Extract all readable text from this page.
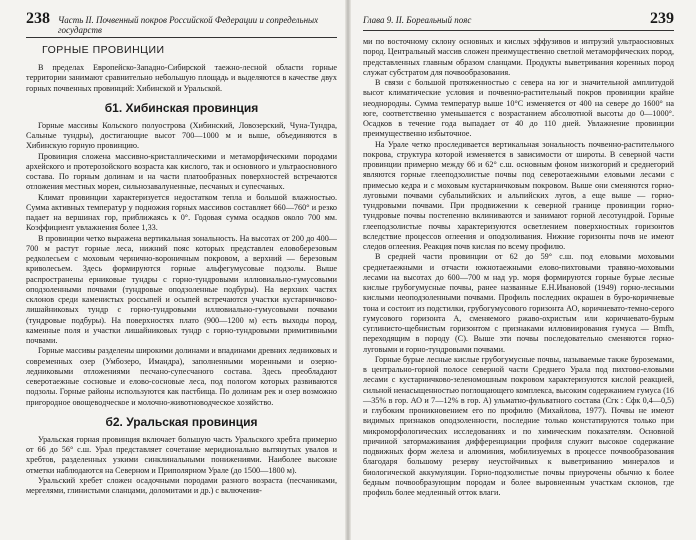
238 Часть II. Почвенный покров Российской Федерации и сопредельных государств
ГОРНЫЕ ПРОВИНЦИИ

В пределах Европейско-Западно-Сибирской таежно-лесной области горные территории занимают сравнительно небольшую площадь и выделяются в качестве двух горных почвенных провинций: Хибинской и Уральской.

б1. Хибинская провинция

Горные массивы Кольского полуострова (Хибинский, Ловозерский, Чуна-Тундра, Сальные тундры), достигающие высот 700—1000 м и выше, объединяются в Хибинскую горную провинцию.

Провинция сложена массивно-кристаллическими и метаморфическими породами архейского и протерозойского возраста как кислого, так и основного и ультраосновного состава. По горным долинам и на части платообразных поверхностей встречаются отложения местных морен, сильнозавалуненные, песчаных и супесчаных.

Климат провинции характеризуется недостатком тепла и большой влажностью. Сумма активных температур у подножия горных массивов составляет 660—760° и резко падает на вершинах гор, приближаясь к 0°. Годовая сумма осадков около 700 мм. Коэффициент увлажнения более 1,33.

В провинции четко выражена вертикальная зональность. На высотах от 200 до 400—700 м растут горные леса, нижний пояс которых представлен еловоберезовым редколесьем с моховым чернично-вороничным покровом, а верхний — березовым криволесьем. Здесь формируются горные альфегумусовые подзолы. Выше распространены ерниковые тундры с горно-тундровыми иллювиально-гумусовыми оподзоленными почвами (тундровые оподзоленные подбуры). На верхних частях склонов среди каменистых россыпей и осыпей встречаются участки кустарничково-лишайниковых тундр с горно-тундровыми иллювиально-гумусовыми почвами (тундровые подбуры). На поверхностях плато (900—1200 м) есть выходы пород, каменные поля и участки лишайниковых тундр с горно-тундровыми примитивными почвами.

Горные массивы разделены широкими долинами и впадинами древних ледниковых и современных озер (Умбозеро, Имандра), заполненными моренными и озерно-ледниковыми отложениями песчано-супесчаного состава. Здесь преобладают северотаежные сосновые и елово-сосновые леса, под пологом которых развиваются подзолы. Горные районы используются как пастбища. По долинам рек и озер возможно пригородное овощеводческое и молочно-животноводческое хозяйство.

б2. Уральская провинция

Уральская горная провинция включает большую часть Уральского хребта примерно от 66 до 56° с.ш. Урал представляет сочетание меридионально вытянутых увалов и хребтов, разделенных узкими синклинальными понижениями. Наиболее высокие отметки наблюдаются на Северном и Приполярном Урале (до 1500—1800 м).

Уральский хребет сложен осадочными породами разного возраста (песчаниками, мергелями, глинистыми сланцами, доломитами и др.) с включения-

Глава 9. II. Бореальный пояс	239

ми по восточному склону основных и кислых эффузивов и интрузий ультраосновных пород. Центральный массив сложен преимущественно светлой метаморфических пород, представленных главным образом сланцами. Продукты выветривания коренных пород служат субстратом для почвообразования.

В связи с большой протяженностью с севера на юг и значительной амплитудой высот климатические условия и почвенно-растительный покров провинции крайне неоднородны. Сумма температур выше 10°С изменяется от 400 на севере до 1600° на юге, соответственно уменьшается с возрастанием абсолютной высоты до 0—1000°. Осадков в течение года выпадает от 40 до 110 дней. Увлажнение провинции преимущественно избыточное.

На Урале четко проследивается вертикальная зональность почвенно-растительного покрова, структура которой изменяется в зависимости от широты. В северной части провинции примерно между 66 и 62° с.ш. основным фоном низкогорий и среднегорий являются горные глееподзолистые почвы под северотаежными еловыми лесами с примесью кедра и с моховым кустарничковым покровом. Выше они сменяются горно-луговыми почвами субальпийских и альпийских лугов, а еще выше — горно-тундровыми почвами. При продвижении к северной границе провинции горно-тундровые почвы постепенно вклиниваются и занимают горной лесотундрой. Горные глееподзолистые почвы характеризуются осветлением поверхностных горизонтов вследствие процессов оглеения и оподзоливания. Нижние горизонты почв не имеют следов оглеения. Реакция почв кислая по всему профилю.

В средней части провинции от 62 до 59° с.ш. под еловыми моховыми среднетаежными и отчасти южнотаежными елово-пихтовыми травяно-моховыми лесами на высотах до 600—700 м над ур. моря формируются горные бурые лесные кислые грубогумусные почвы, ранее названные Е.Н.Ивановой (1949) горно-лесными кислыми неоподзоленными почвами. Профиль последних окрашен в буро-коричневые тона и состоит из подстилки, грубогумусового горизонта АО, коричневато-темно-серого гумусового горизонта А, сменяемого ржаво-охристым или коричневато-бурым суглинисто-щебнистым горизонтом с признаками иллювиирования гумуса — Bmfh, переходящим в породу (С). Выше эти почвы последовательно сменяются горно-луговыми и горно-тундровыми почвами.

Горные бурые лесные кислые грубогумусные почвы, называемые также буроземами, в центрально-горной полосе северной части Среднего Урала под пихтово-еловыми лесами с кустарничково-зеленомошным покровом характеризуются кислой реакцией, сильной ненасыщенностью поглощающего комплекса, высоким содержанием гумуса (16—35% в гор. АО и 7—12% в гор. А) ульматно-фульватного состава (Сгк : Сфк 0,4—0,5) и глубоким проникновением его по профилю (Михайлова, 1977). Почвы не имеют видимых признаков оподзоленности, последние только констатируются только при микроморфологических исследованиях и по химическим показателям. Основной причиной затормаживания дифференциации профиля служит высокое содержание подвижных форм железа и алюминия, мобилизуемых в процессе почвообразования благодаря большому резерву неустойчивых к выветриванию минералов и биологической аккумуляции. Горно-подзолистые почвы приурочены обычно к более бедным почвообразующим породам и более выровненным участкам склонов, где профиль более медленный отток влаги.
